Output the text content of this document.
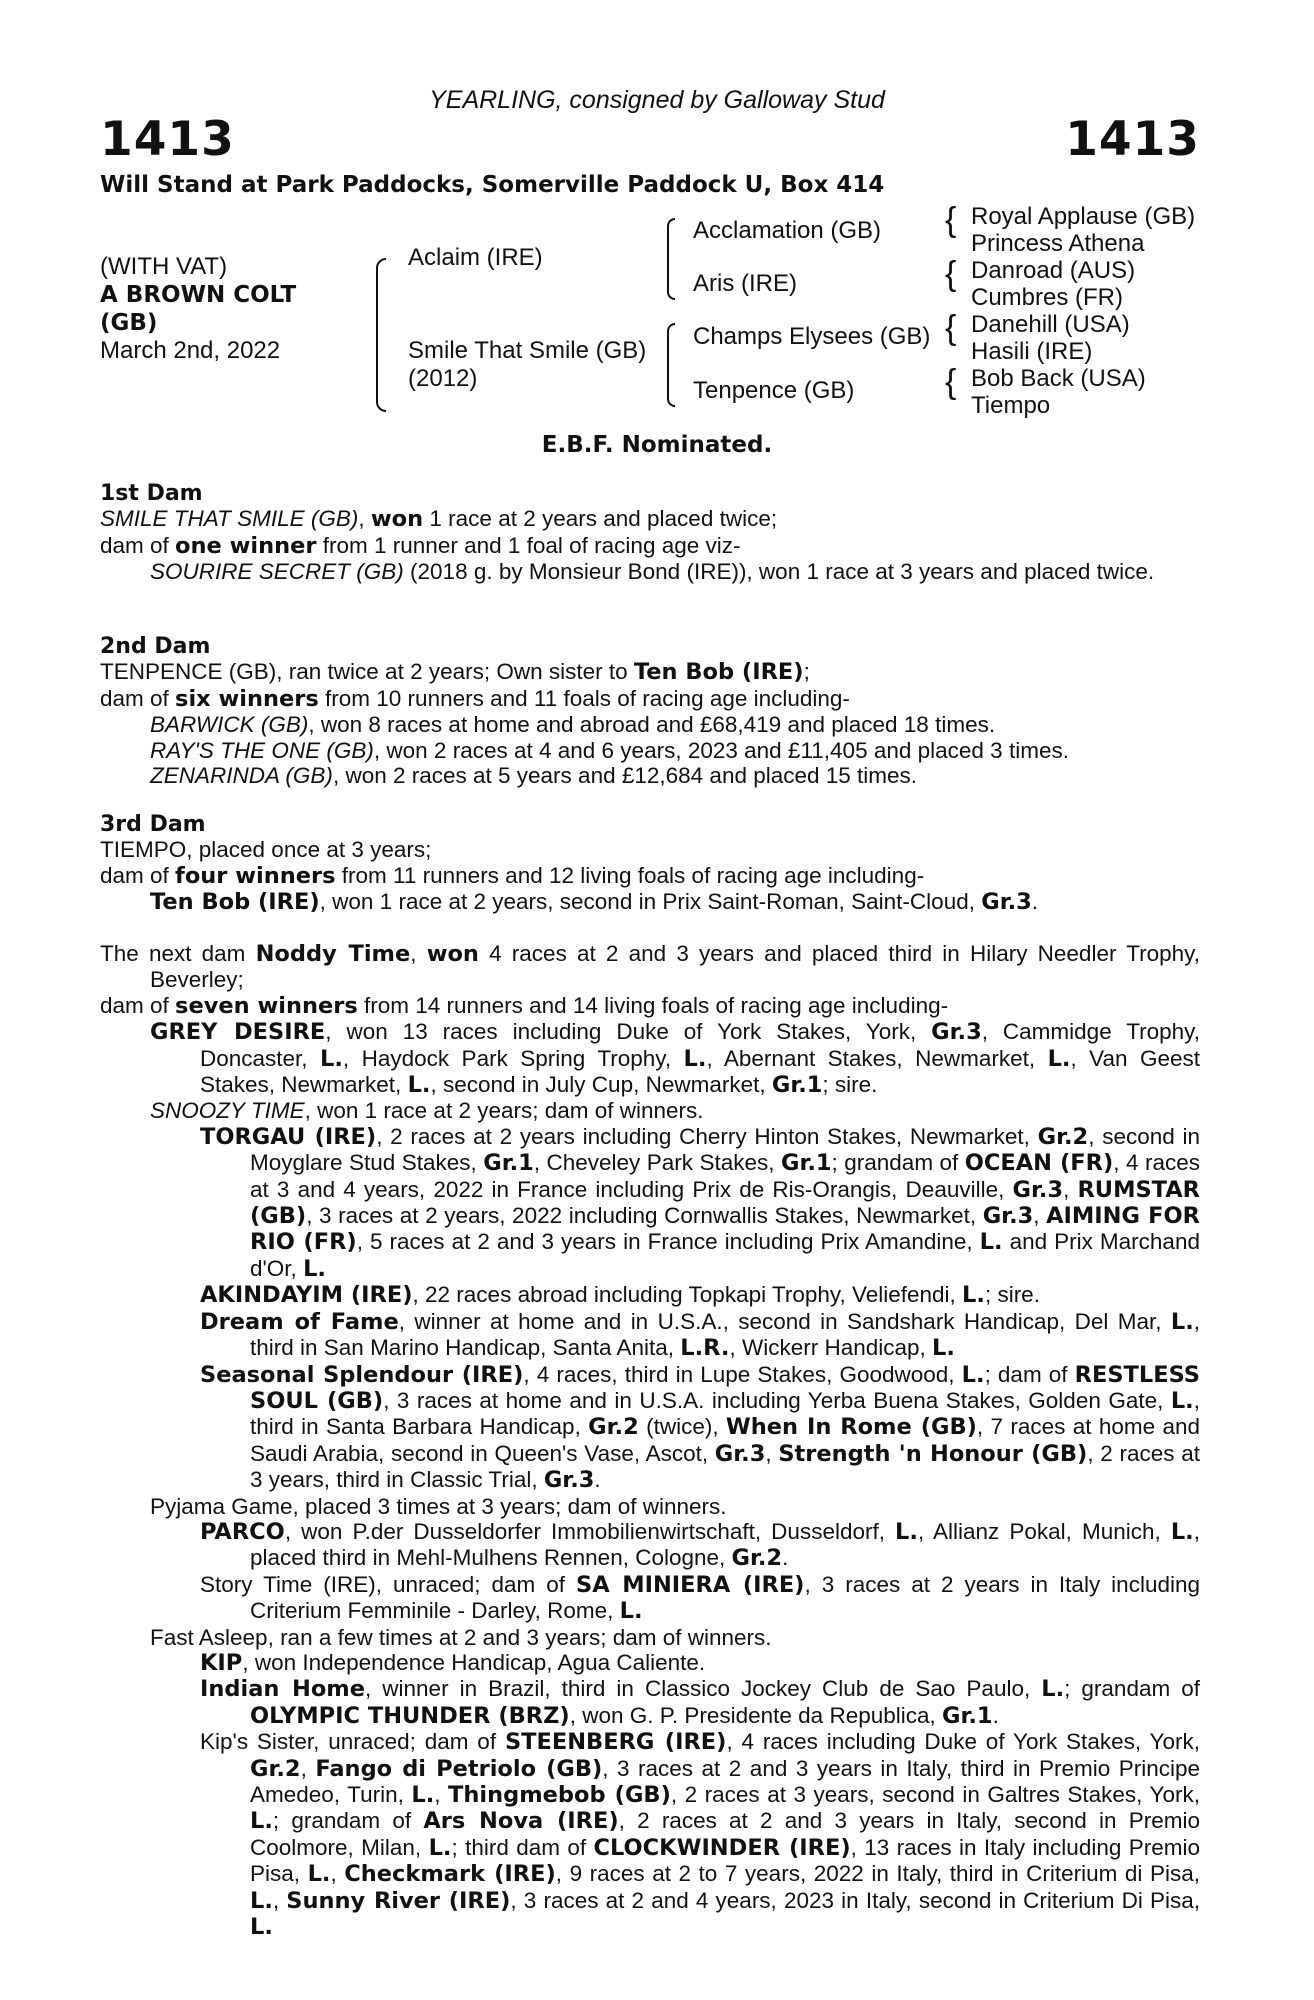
YEARLING, consigned by Galloway Stud
1413	1413
Will Stand at Park Paddocks, Somerville Paddock U, Box 414
(WITH VAT)
A BROWN COLT
(GB)
March 2nd, 2022
Aclaim (IRE)
Smile That Smile (GB)
(2012)
Acclamation (GB)
Aris (IRE)
Champs Elysees (GB)
Tenpence (GB)
{
{
{
{
Royal Applause (GB)
Princess Athena
Danroad (AUS)
Cumbres (FR)
Danehill (USA)
Hasili (IRE)
Bob Back (USA)
Tiempo
E.B.F. Nominated.

1st Dam

SMILE THAT SMILE (GB), won 1 race at 2 years and placed twice;

dam of one winner from 1 runner and 1 foal of racing age viz-

SOURIRE SECRET (GB) (2018 g. by Monsieur Bond (IRE)), won 1 race at 3 years and placed twice.

2nd Dam

TENPENCE (GB), ran twice at 2 years; Own sister to Ten Bob (IRE);

dam of six winners from 10 runners and 11 foals of racing age including-

BARWICK (GB), won 8 races at home and abroad and £68,419 and placed 18 times.

RAY'S THE ONE (GB), won 2 races at 4 and 6 years, 2023 and £11,405 and placed 3 times.

ZENARINDA (GB), won 2 races at 5 years and £12,684 and placed 15 times.

3rd Dam

TIEMPO, placed once at 3 years;

dam of four winners from 11 runners and 12 living foals of racing age including-

Ten Bob (IRE), won 1 race at 2 years, second in Prix Saint-Roman, Saint-Cloud, Gr.3.

The next dam Noddy Time, won 4 races at 2 and 3 years and placed third in Hilary Needler Trophy, Beverley;

dam of seven winners from 14 runners and 14 living foals of racing age including-

GREY DESIRE, won 13 races including Duke of York Stakes, York, Gr.3, Cammidge Trophy, Doncaster, L., Haydock Park Spring Trophy, L., Abernant Stakes, Newmarket, L., Van Geest Stakes, Newmarket, L., second in July Cup, Newmarket, Gr.1; sire.

SNOOZY TIME, won 1 race at 2 years; dam of winners.

TORGAU (IRE), 2 races at 2 years including Cherry Hinton Stakes, Newmarket, Gr.2, second in Moyglare Stud Stakes, Gr.1, Cheveley Park Stakes, Gr.1; grandam of OCEAN (FR), 4 races at 3 and 4 years, 2022 in France including Prix de Ris-Orangis, Deauville, Gr.3, RUMSTAR (GB), 3 races at 2 years, 2022 including Cornwallis Stakes, Newmarket, Gr.3, AIMING FOR RIO (FR), 5 races at 2 and 3 years in France including Prix Amandine, L. and Prix Marchand d'Or, L.

AKINDAYIM (IRE), 22 races abroad including Topkapi Trophy, Veliefendi, L.; sire.

Dream of Fame, winner at home and in U.S.A., second in Sandshark Handicap, Del Mar, L., third in San Marino Handicap, Santa Anita, L.R., Wickerr Handicap, L.

Seasonal Splendour (IRE), 4 races, third in Lupe Stakes, Goodwood, L.; dam of RESTLESS SOUL (GB), 3 races at home and in U.S.A. including Yerba Buena Stakes, Golden Gate, L., third in Santa Barbara Handicap, Gr.2 (twice), When In Rome (GB), 7 races at home and Saudi Arabia, second in Queen's Vase, Ascot, Gr.3, Strength 'n Honour (GB), 2 races at 3 years, third in Classic Trial, Gr.3.

Pyjama Game, placed 3 times at 3 years; dam of winners.

PARCO, won P.der Dusseldorfer Immobilienwirtschaft, Dusseldorf, L., Allianz Pokal, Munich, L., placed third in Mehl-Mulhens Rennen, Cologne, Gr.2.

Story Time (IRE), unraced; dam of SA MINIERA (IRE), 3 races at 2 years in Italy including Criterium Femminile - Darley, Rome, L.

Fast Asleep, ran a few times at 2 and 3 years; dam of winners.

KIP, won Independence Handicap, Agua Caliente.

Indian Home, winner in Brazil, third in Classico Jockey Club de Sao Paulo, L.; grandam of OLYMPIC THUNDER (BRZ), won G. P. Presidente da Republica, Gr.1.

Kip's Sister, unraced; dam of STEENBERG (IRE), 4 races including Duke of York Stakes, York, Gr.2, Fango di Petriolo (GB), 3 races at 2 and 3 years in Italy, third in Premio Principe Amedeo, Turin, L., Thingmebob (GB), 2 races at 3 years, second in Galtres Stakes, York, L.; grandam of Ars Nova (IRE), 2 races at 2 and 3 years in Italy, second in Premio Coolmore, Milan, L.; third dam of CLOCKWINDER (IRE), 13 races in Italy including Premio Pisa, L., Checkmark (IRE), 9 races at 2 to 7 years, 2022 in Italy, third in Criterium di Pisa, L., Sunny River (IRE), 3 races at 2 and 4 years, 2023 in Italy, second in Criterium Di Pisa, L.
